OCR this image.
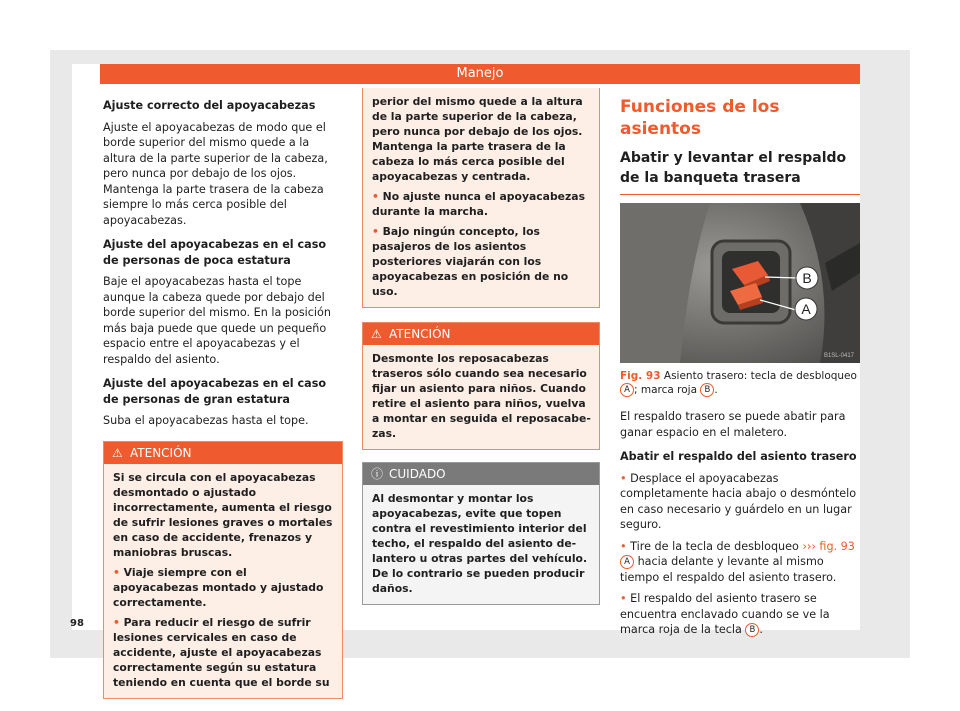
Manejo
Ajuste correcto del apoyacabezas
Ajuste el apoyacabezas de modo que el borde superior del mismo quede a la altura de la parte superior de la cabeza, pero nunca por debajo de los ojos. Mantenga la parte trasera de la cabeza siempre lo más cerca posible del apoyacabezas.
Ajuste del apoyacabezas en el caso de personas de poca estatura
Baje el apoyacabezas hasta el tope aunque la cabeza quede por debajo del borde superior del mismo. En la posición más baja puede que quede un pequeño espacio entre el apoyacabezas y el respaldo del asiento.
Ajuste del apoyacabezas en el caso de personas de gran estatura
Suba el apoyacabezas hasta el tope.
⚠ ATENCIÓN

Si se circula con el apoyacabezas desmontado o ajustado incorrectamente, aumenta el riesgo de sufrir lesiones graves o mortales en caso de accidente, frenazos y maniobras bruscas.

• Viaje siempre con el apoyacabezas montado y ajustado correctamente.

• Para reducir el riesgo de sufrir lesiones cervicales en caso de accidente, ajuste el apoyacabezas correctamente según su estatura teniendo en cuenta que el borde su

perior del mismo quede a la altura de la parte superior de la cabeza, pero nunca por debajo de los ojos. Mantenga la parte trasera de la cabeza lo más cerca posible del apoyacabezas y centrada.

• No ajuste nunca el apoyacabezas durante la marcha.

• Bajo ningún concepto, los pasajeros de los asientos posteriores viajarán con los apoyacabezas en posición de no uso.

⚠ ATENCIÓN

Desmonte los reposacabezas traseros sólo cuando sea necesario fijar un asiento para niños. Cuando retire el asiento para niños, vuelva a montar en seguida el reposacabezas.

ⓘ CUIDADO

Al desmontar y montar los apoyacabezas, evite que topen contra el revestimiento interior del techo, el respaldo del asiento delantero u otras partes del vehículo. De lo contrario se pueden producir daños.

Funciones de los asientos
Abatir y levantar el respaldo de la banqueta trasera
B
A
B1SL-0417
Fig. 93 Asiento trasero: tecla de desbloqueo A ; marca roja B .
El respaldo trasero se puede abatir para ganar espacio en el maletero.
Abatir el respaldo del asiento trasero
• Desplace el apoyacabezas completamente hacia abajo o desmóntelo en caso necesario y guárdelo en un lugar seguro.
• Tire de la tecla de desbloqueo ››› fig. 93 A hacia delante y levante al mismo tiempo el respaldo del asiento trasero.
• El respaldo del asiento trasero se encuentra enclavado cuando se ve la marca roja de la tecla B .
98
